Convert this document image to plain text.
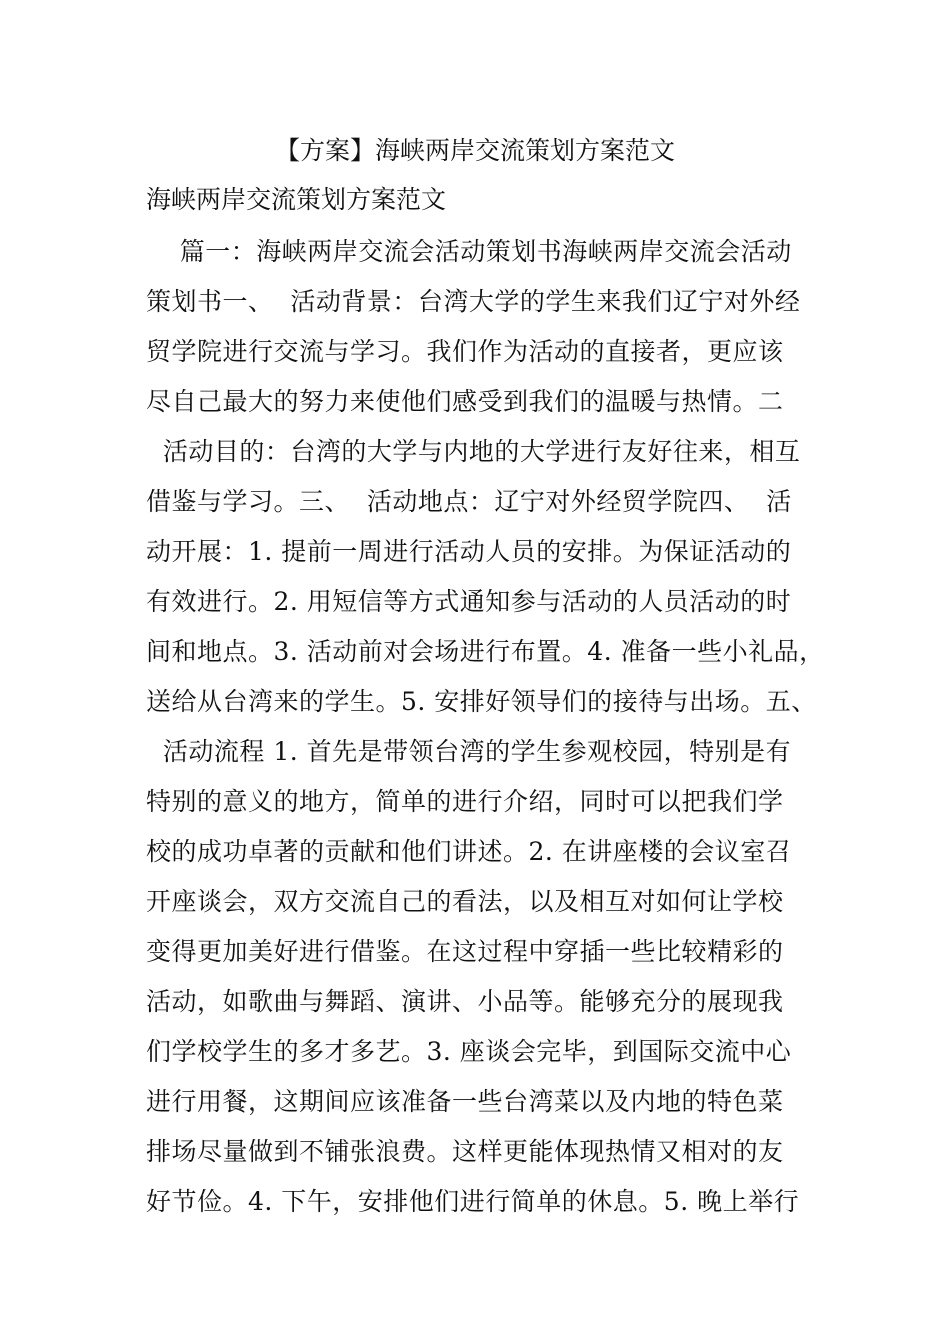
【方案】海峡两岸交流策划方案范文
海峡两岸交流策划方案范文
篇一：海峡两岸交流会活动策划书海峡两岸交流会活动
策划书一、  活动背景：台湾大学的学生来我们辽宁对外经
贸学院进行交流与学习。我们作为活动的直接者，更应该
尽自己最大的努力来使他们感受到我们的温暖与热情。二
活动目的：台湾的大学与内地的大学进行友好往来，相互
借鉴与学习。三、  活动地点：辽宁对外经贸学院四、  活
动开展：1. 提前一周进行活动人员的安排。为保证活动的
有效进行。2. 用短信等方式通知参与活动的人员活动的时
间和地点。3. 活动前对会场进行布置。4. 准备一些小礼品，
送给从台湾来的学生。5. 安排好领导们的接待与出场。五、
活动流程 1. 首先是带领台湾的学生参观校园，特别是有
特别的意义的地方，简单的进行介绍，同时可以把我们学
校的成功卓著的贡献和他们讲述。2. 在讲座楼的会议室召
开座谈会，双方交流自己的看法，以及相互对如何让学校
变得更加美好进行借鉴。在这过程中穿插一些比较精彩的
活动，如歌曲与舞蹈、演讲、小品等。能够充分的展现我
们学校学生的多才多艺。3. 座谈会完毕，到国际交流中心
进行用餐，这期间应该准备一些台湾菜以及内地的特色菜
排场尽量做到不铺张浪费。这样更能体现热情又相对的友
好节俭。4. 下午，安排他们进行简单的休息。5. 晚上举行
